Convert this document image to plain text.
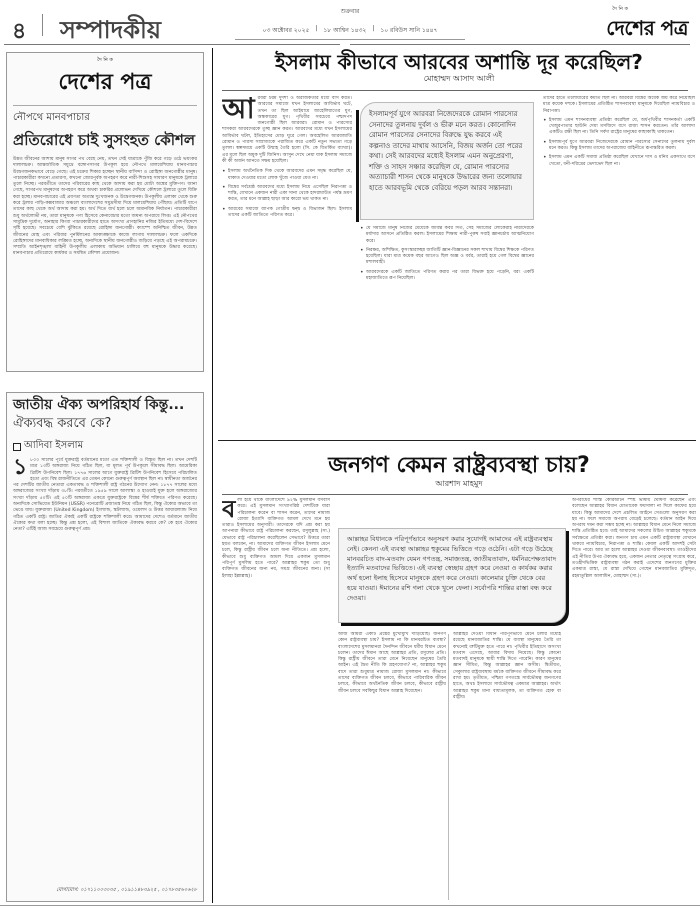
৪ সম্পাদকীয়
শুক্রবার
০৩ অক্টোবর ২০২৫ | ১৮ আশ্বিন ১৪৩২ | ১০ রবিউস সানি ১৪৪৭
দৈ নি ক
দেশের পত্র
দৈ নি ক
দেশের পত্র
নৌপথে মানবপাচার
প্রতিরোধে চাই সুসংহত কৌশল
উন্নত জীবনের আশায় মানুষ সাগর পথ বেছে নেয়, তখন সেই যাত্রাকে পুঁজি করে গড়ে ওঠে ভয়ংকর দালালচক্র। আন্তর্জাতিক সমুদ্রে বঙ্গোপসাগর উপকূল হয়ে নৌপথে মালয়েশিয়ায় মানবপাচার উদ্বেগজনকভাবে বেড়ে গেছে। এই চক্রের শিকার হচ্ছেন স্থানীয় বাসিন্দা ও রোহিঙ্গা জনগোষ্ঠীর মানুষ। পাচারকারীরা কখনো প্রতারণা, কখনো জোরপূর্বক অপহরণ করে নারী-শিশুসহ সাধারণ মানুষকে ট্রলারে তুলে নিচ্ছে। পরবর্তীতে তাদের পরিবারের কাছ থেকে আদায় করা হয় মোটা অঙ্কের মুক্তিপণ। জানা গেছে, সাগরপথ মানুষদের অপহরণ করে অথবা চাকরির প্রলোভন দেখিয়ে কৌশলে ট্রলারে তুলে বিক্রি করা হচ্ছে। মানবপাচারের এই প্রবণতা অত্যন্ত দুঃখজনক ও উদ্বেগজনক। উপকূলীয় এলাকা থেকে শুরু করে ট্রলার পাড়ি-কক্সবাজার অঞ্চলে বাংলাদেশের সমুদ্রসীমা দিয়ে মালয়েশিয়ায় পৌঁছায়। প্রতিটি ধাপে তাদের কাছ থেকে অর্থ আদায় করা হয়। অর্থ দিতে ব্যর্থ হলে চলে অমানবিক নির্যাতন। পাচারকারীরা শুধু অর্থলোভী নয়, তারা মানুষকে পণ্য হিসেবে কেনাবেচার মতো জঘন্য অপরাধে লিপ্ত। এই নৌপথের সামুদ্রিক দুর্যোগ, অনাহার কিংবা পাচারকারীদের হাতে অসংখ্য প্রাণহানির নজির ইতিমধ্যে দেশ-বিদেশে সৃষ্টি হয়েছে। সবচেয়ে বেশি ঝুঁকিতে রয়েছে রোহিঙ্গা জনগোষ্ঠী। ক্যাম্পে অনিশ্চিত জীবন, উন্নত জীবনের মোহ এবং পরিবার পুনর্মিলনের আকাঙ্ক্ষাকে কাজে লাগায় দালালচক্র। ফলে একদিকে রোহিঙ্গাদের মানবাধিকার লঙ্ঘিত হচ্ছে, অন্যদিকে স্থানীয় জনগোষ্ঠীও জড়িয়ে পড়ছে এই অপরাধচক্রে। সম্প্রতি আইনশৃঙ্খলা বাহিনী উপকূলীয় এলাকায় অভিযান চালিয়ে বহু মানুষকে উদ্ধার করেছে। মানবপাচার প্রতিরোধে কার্যকর ও সমন্বিত কৌশল প্রয়োজন।
জাতীয় ঐক্য অপরিহার্য কিন্তু...
ঐক্যবদ্ধ করবে কে?
আদিবা ইসলাম
১ ৮০০ সালের পূর্বে যুক্তরাষ্ট্র বর্তমানের মতো এত শক্তিশালী ও বিস্তৃত ছিল না। তখন দেশটি মাত্র ১৩টি অঙ্গরাজ্য নিয়ে গঠিত ছিল, যা মূলত পূর্ব উপকূলে সীমাবদ্ধ ছিল। আমেরিকা ব্রিটিশ উপনিবেশ ছিল। ১৭৭৬ সালের আগে যুক্তরাষ্ট্র ব্রিটিশ উপনিবেশ হিসেবে পরিচালিত হতো এবং বিশ্ব রাজনীতিতে এর তেমন কোনো গুরুত্বপূর্ণ অবস্থান ছিল না। স্বাধীনতা অর্জনের পর দেশটির জাতীয় নেতারা একতাবদ্ধ ও শক্তিশালী রাষ্ট্র গঠনের উদ্যোগ নেন। ১৮৭৭ সালের মধ্যে অঙ্গরাজ্যের সংখ্যা দাঁড়ায় ৩৮টি। পরবর্তীতে ১৯৫৯ সালে আলাস্কা ও হাওয়াই যুক্ত হলে অঙ্গরাজ্যের সংখ্যা দাঁড়ায় ৫০টি। এই ৫০টি অঙ্গরাজ্য একত্রে যুক্তরাষ্ট্রকে বিশ্বের শীর্ষ শক্তিতে পরিণত করেছে। অন্যদিকে সোভিয়েত ইউনিয়ন (USSR) পনেরোটি প্রজাতন্ত্র নিয়ে গঠিত ছিল, কিন্তু ঐক্যের অভাবে তা ভেঙে যায়। যুক্তরাজ্য (United Kingdom) ইংল্যান্ড, স্কটল্যান্ড, ওয়েলস ও উত্তর আয়ারল্যান্ড নিয়ে গঠিত একটি রাষ্ট্র। জাতির ঐক্যই একটি রাষ্ট্রকে শক্তিশালী করে। আমাদের দেশেও বর্তমানে জাতীয় ঐক্যের কথা বলা হচ্ছে। কিন্তু প্রশ্ন হলো, এই বিশাল জাতিকে ঐক্যবদ্ধ করবে কে? কে হবে ঐক্যের নেতা? এটিই আজ সবচেয়ে গুরুত্বপূর্ণ প্রশ্ন।
যোগাযোগ: ০১৭১১০০৩০৩৫ , ০১৯১১৪৮৩৯২৫ , ০১৭৮৩৫৬০৬২৮
ইসলাম কীভাবে আরবের অশান্তি দূর করেছিল?
মোহাম্মদ আসাদ আলী
আ রবরা চরম দুর্দশা ও অরাজকতার মধ্যে বাস করত। আরবের সমাজে যখন ইসলামের আবির্ভাব ঘটে, তখন তা ছিল আইয়ামে জাহেলিয়াতের যুগ, অন্ধকারের যুগ। পৃথিবীর সবচেয়ে পশ্চাদপদ জনগোষ্ঠী ছিল আরবরা। রোমান ও পারস্যের শাসকরা আরবদেরকে তুচ্ছ জ্ঞান করত। আরবদের মধ্যে যখন ইসলামের আবির্ভাব ঘটল, ইতিহাসের মোড় ঘুরে গেল। অবহেলিত আরবজাতি রোমান ও পারস্য সাম্রাজ্যকে পরাজিত করে একটি নতুন সভ্যতা গড়ে তুলল। স্বল্পসময়ে একটি উম্মাহ তৈরি হলো (সি. কে বিতর্কিত ব্যাখ্যা)। এর মূলে ছিল অমুক দুটি জিনিস। আসুন দেখে নেয়া যাক ইসলাম সমাজে কী কী অর্জন আনতে সক্ষম হয়েছিল।
• ইসলাম অর্থনৈতিক দিক থেকে আরবদের এমন সমৃদ্ধ করেছিল যে, যাকাত দেওয়ার মতো লোক খুঁজে পাওয়া যেত না।
• বিশ্বের সর্বশ্রেষ্ঠ আরবদের মধ্যে ইসলাম নিয়ে এসেছিল নিরাপত্তা ও শান্তি, যেখানে একজন নারী একা সানা থেকে হাদরামাউত পর্যন্ত ভ্রমণ করত, তার মনে আল্লাহ ছাড়া আর কারো ভয় থাকত না।
• আরবের সমাজে ব্যাপক গোত্রীয় দ্বন্দ্ব ও বিভাজন ছিল। ইসলাম তাদের একটি জাতিতে পরিণত করে।
ইসলামপূর্ব যুগে আরবরা নিজেদেরকে রোমান পারস্যের সেনাদের তুলনায় দুর্বল ও ভীরু মনে করত। কোনোদিন রোমান পারস্যের সেনাদের বিরুদ্ধে যুদ্ধ করবে এই কল্পনাও তাদের মাথায় আসেনি, বিজয় অর্জন তো পরের কথা। সেই আরবদের মধ্যেই ইসলাম এমন অনুপ্রেরণা, শক্তি ও সাহস সঞ্চার করেছিল যে, রোমান পারস্যের অত্যাচারী শাসন থেকে মানুষকে উদ্ধারের জন্য তলোয়ার হাতে আরবভূমি থেকে বেরিয়ে পড়ল আরব সন্তানরা।
• যে সমাজে মানুষ নিজের মেয়েকে জীবন্ত কবর দিত, সেই সমাজের লোকেরাই নারীদেরকে মর্যাদার আসনে প্রতিষ্ঠিত করল। ইসলামের শিক্ষায় নারী-পুরুষ সবাই জ্ঞানচর্চায় আত্মনিয়োগ করে।
• নিরক্ষর, অশিক্ষিত, কুসংস্কারাচ্ছন্ন জাতিটি জ্ঞান-বিজ্ঞানের সকল শাখায় বিশ্বের শিক্ষকে পরিণত হয়েছিল। যারা মাত্র কয়েক বছর আগেও ছিল অজ্ঞ ও বর্বর, তারাই হয়ে গেল বিশ্বের জ্ঞানের মশালবাহী।
• আরবদেরকে একটি জাতিতে পরিণত করার পর তারা বিভক্ত হয়ে পড়েনি, বরং একটি মহাজাতিতে রূপ নিয়েছিল।

তাদের হাতে তলোয়ারের কমতি ছিল না। আরবরা বিশ্বের অর্ধেক জয় করে নিয়েছিল মাত্র কয়েক দশকে। ইসলামের প্রতিষ্ঠিত শাসনব্যবস্থা মানুষকে দিয়েছিল ন্যায়বিচার ও নিরাপত্তা।

• ইসলাম এমন শাসনব্যবস্থা প্রতিষ্ঠা করেছিল যে, অর্ধপৃথিবীর শাসনকর্তা একটি খেজুরপাতার ছাউনি দেয়া মসজিদে বসে রাজ্য শাসন করতেন। তাঁর আলাদা একটিও রক্ষী ছিল না। তিনি সর্বদা রাষ্ট্রের মানুষের কাছাকাছি থাকতেন।
• ইসলামপূর্ব যুগে আরবরা নিজেদেরকে রোমান পারস্যের সেনাদের তুলনায় দুর্বল মনে করত। কিন্তু ইসলাম তাদের অপরাজেয় বাহিনীতে রূপান্তরিত করল।
• ইসলাম এমন একটি সমাজ প্রতিষ্ঠা করেছিল যেখানে দাস ও মনিব একসাথে বসে খেতো, ধনী-দরিদ্রের ভেদাভেদ ছিল না।
জনগণ কেমন রাষ্ট্রব্যবস্থা চায়?
আরশাদ মাহমুদ
ব লা হয়ে থাকে বাংলাদেশে ৯২% মুসলমান বসবাস করে। এই মুসলমান সংখ্যাগরিষ্ঠ দেশটিকে যারা পরিচালনা করেন বা শাসন করেন, তাদের নামাজ রোজা ইত্যাদি ব্যক্তিগত আমল দেখে মনে হয় তারাও ইসলামের অনুসারী। তাদেরকে যদি প্রশ্ন করা হয় আপনারা কীভাবে রাষ্ট্র পরিচালনা করছেন, রসুলুল্লাহ (সা.) যেভাবে রাষ্ট্র পরিচালনা করেছিলেন সেভাবে? উত্তরে তারা হয়ত বলবেন, না। আমাদের ব্যক্তিগত জীবন ইসলাম মেনে চলে, কিন্তু রাষ্ট্রীয় জীবন চলে অন্য নীতিতে। প্রশ্ন হলো, কীভাবে শুধু ব্যক্তিগত আমল দিয়ে একজন মুসলমান পরিপূর্ণ মুসলিম হতে পারে? আল্লাহর হুকুম তো শুধু ব্যক্তিগত জীবনের জন্য নয়, সমগ্র জীবনের জন্য। (সা ইলাহা ইল্লাল্লাহ)।
আল্লাহর বিধানকে পরিপূর্ণভাবে অনুসরণ করার সুযোগই আমাদের এই রাষ্ট্রব্যবস্থায় নেই। কেননা এই ব্যবস্থা আল্লাহর হুকুমের ভিত্তিতে গড়ে ওঠেনি। এটা গড়ে উঠেছে মানবরচিত বাদ-মতবাদ যেমন গণতন্ত্র, সমাজতন্ত্র, জাতীয়তাবাদ, ধর্মনিরপেক্ষতাবাদ ইত্যাদি মতবাদের ভিত্তিতে। এই ব্যবস্থা স্বেচ্ছায় গ্রহণ করে নেওয়া ও কার্যকর করার অর্থ হলো ইলাহ হিসেবে মানুষকে গ্রহণ করে নেওয়া। কালেমার চুক্তি থেকে বের হয়ে যাওয়া। ঈমানের রশি গলা থেকে খুলে ফেলা। সর্বোপরি শান্তির রাস্তা বন্ধ করে দেওয়া।
আজ আমরা একটি প্রশ্নের মুখোমুখি দাঁড়িয়েছি। জনগণ কোন রাষ্ট্রব্যবস্থা চায়? ইসলাম না কি মানবরচিত ব্যবস্থা? বাংলাদেশের মুসলমানরা দৈনন্দিন জীবনে ধর্মীয় বিধান মেনে চলেন। তাদের ঈমান আছে আল্লাহর প্রতি, রসুলের প্রতি। কিন্তু রাষ্ট্রীয় জীবনে তারা মেনে নিয়েছেন মানুষের তৈরি আইন। এই দ্বৈত নীতি কি গ্রহণযোগ্য? না, আল্লাহর হুকুম বাদে তারা শুধুমাত্র নামাজ রোজা মুসলমান না। কীভাবে তাদের ব্যক্তিগত জীবন চলবে, কীভাবে পারিবারিক জীবন চলবে, কীভাবে অর্থনৈতিক জীবন চলবে, কীভাবে রাষ্ট্রীয় জীবন চলবে সবকিছুর বিধান আল্লাহ দিয়েছেন।
আল্লাহর দেওয়া বিধান পরিপূর্ণভাবে মেনে চলার মধ্যেই রয়েছে মানবজাতির শান্তি। যে ব্যবস্থা মানুষের তৈরি তা কখনোই ত্রুটিমুক্ত হতে পারে না। পৃথিবীর ইতিহাসে অসংখ্য মতবাদ এসেছে, আবার বিদায় নিয়েছে। কিন্তু কোনো মতবাদই মানুষকে স্থায়ী শান্তি দিতে পারেনি। কারণ মানুষের জ্ঞান সীমিত, কিন্তু আল্লাহর জ্ঞান অসীম। দ্বিতীয়ত, সেক্যুলার রাষ্ট্রব্যবস্থায় ধর্মকে ব্যক্তিগত জীবনে সীমাবদ্ধ করে রাখা হয়। তৃতীয়ত, পশ্চিমা গণতন্ত্রে সার্বভৌমত্ব জনগণের হাতে, অথচ ইসলামে সার্বভৌমত্ব একমাত্র আল্লাহর। অর্থাৎ আল্লাহর হুকুম মানা বাধ্যতামূলক, তা ব্যক্তিগত হোক বা রাষ্ট্রীয়।
অপরাধের শাস্তি কোরআনে স্পষ্ট ভাষায় ঘোষণা করেছেন এবং বলেছেন আল্লাহর বিধান মোতাবেক ফয়সালা না দিলে কাফের হয়ে যাবে। কিন্তু আমাদের দেশে প্রচলিত আইনে সেগুলো অনুসরণ করা হয় না। ফলে সমাজে অপরাধ বেড়েই চলেছে। বর্তমান আইন দিয়ে অপরাধ দমন করা সম্ভব হচ্ছে না। আল্লাহর বিধান মেনে নিলে সমাজে শান্তি প্রতিষ্ঠিত হবে। তাই আমাদের সকলের উচিত আল্লাহর হুকুমকে সর্বক্ষেত্রে প্রতিষ্ঠা করা। জনগণ চায় এমন একটি রাষ্ট্রব্যবস্থা যেখানে থাকবে ন্যায়বিচার, নিরাপত্তা ও শান্তি। কেবল একটি আদর্শই সেটা দিতে পারে। আর তা হলো আল্লাহর দেওয়া জীবনব্যবস্থা। তাওহীদের এই নীতির উপর ঐক্যবদ্ধ হয়ে, একজন নেতার নেতৃত্বে সংগ্রাম করে, তওহীদভিত্তিক রাষ্ট্রব্যবস্থা গঠন করাই এদেশের জনগণের মুক্তির একমাত্র রাস্তা, যে রাস্তা দেখিয়ে গেছেন মানবজাতির মুক্তিদূত, রহমাতুল্লিল আলামিন, মোহাম্মদ (সা.)।
